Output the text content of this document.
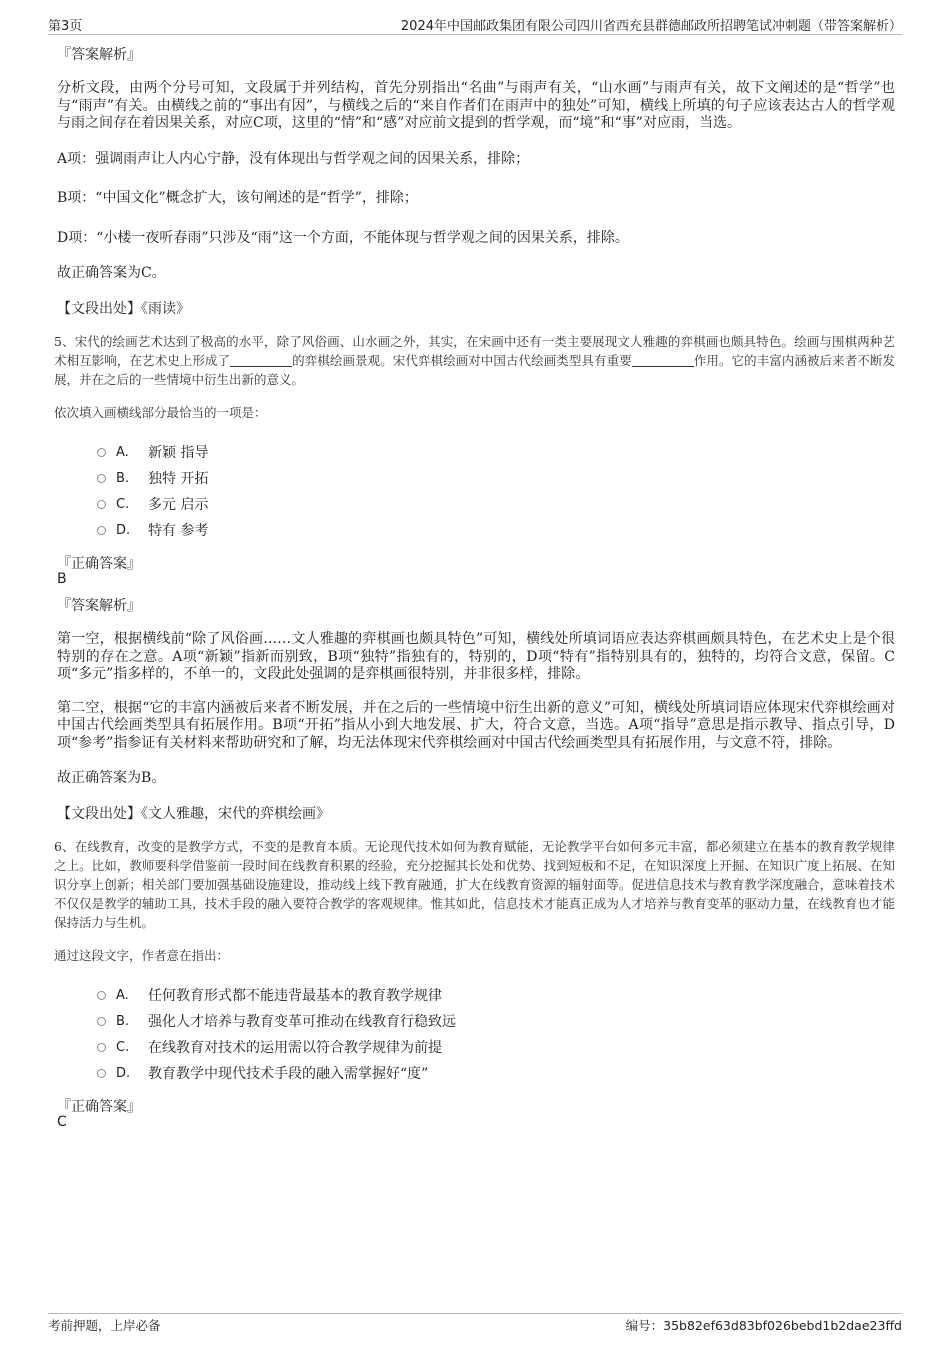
第3页	2024年中国邮政集团有限公司四川省西充县群德邮政所招聘笔试冲刺题（带答案解析）
『答案解析』

分析文段，由两个分号可知，文段属于并列结构，首先分别指出“名曲”与雨声有关，“山水画”与雨声有关，故下文阐述的是“哲学”也与“雨声”有关。由横线之前的“事出有因”，与横线之后的“来自作者们在雨声中的独处”可知，横线上所填的句子应该表达古人的哲学观与雨之间存在着因果关系，对应C项，这里的“情”和“感”对应前文提到的哲学观，而“境”和“事”对应雨，当选。

A项：强调雨声让人内心宁静，没有体现出与哲学观之间的因果关系，排除；

B项：“中国文化”概念扩大，该句阐述的是“哲学”，排除；

D项：“小楼一夜听春雨”只涉及“雨”这一个方面，不能体现与哲学观之间的因果关系，排除。

故正确答案为C。

【文段出处】《雨读》

5、宋代的绘画艺术达到了极高的水平，除了风俗画、山水画之外，其实，在宋画中还有一类主要展现文人雅趣的弈棋画也颇具特色。绘画与围棋两种艺术相互影响，在艺术史上形成了	的弈棋绘画景观。宋代弈棋绘画对中国古代绘画类型具有重要	作用。它的丰富内涵被后来者不断发展，并在之后的一些情境中衍生出新的意义。

依次填入画横线部分最恰当的一项是：

A.	新颖 指导
B.	独特 开拓
C.	多元 启示
D.	特有 参考
『正确答案』
B
『答案解析』

第一空，根据横线前“除了风俗画……文人雅趣的弈棋画也颇具特色”可知，横线处所填词语应表达弈棋画颇具特色，在艺术史上是个很特别的存在之意。A项“新颖”指新而别致，B项“独特”指独有的，特别的，D项“特有”指特别具有的，独特的，均符合文意，保留。C项“多元”指多样的，不单一的，文段此处强调的是弈棋画很特别，并非很多样，排除。

第二空，根据“它的丰富内涵被后来者不断发展，并在之后的一些情境中衍生出新的意义”可知，横线处所填词语应体现宋代弈棋绘画对中国古代绘画类型具有拓展作用。B项“开拓”指从小到大地发展、扩大，符合文意，当选。A项“指导”意思是指示教导、指点引导，D项“参考”指参证有关材料来帮助研究和了解，均无法体现宋代弈棋绘画对中国古代绘画类型具有拓展作用，与文意不符，排除。

故正确答案为B。

【文段出处】《文人雅趣，宋代的弈棋绘画》

6、在线教育，改变的是教学方式，不变的是教育本质。无论现代技术如何为教育赋能，无论教学平台如何多元丰富，都必须建立在基本的教育教学规律之上。比如，教师要科学借鉴前一段时间在线教育积累的经验，充分挖掘其长处和优势、找到短板和不足，在知识深度上开掘、在知识广度上拓展、在知识分享上创新；相关部门要加强基础设施建设，推动线上线下教育融通，扩大在线教育资源的辐射面等。促进信息技术与教育教学深度融合，意味着技术不仅仅是教学的辅助工具，技术手段的融入要符合教学的客观规律。惟其如此，信息技术才能真正成为人才培养与教育变革的驱动力量，在线教育也才能保持活力与生机。

通过这段文字，作者意在指出：

A.	任何教育形式都不能违背最基本的教育教学规律
B.	强化人才培养与教育变革可推动在线教育行稳致远
C.	在线教育对技术的运用需以符合教学规律为前提
D.	教育教学中现代技术手段的融入需掌握好“度”
『正确答案』
C
考前押题，上岸必备	编号：35b82ef63d83bf026bebd1b2dae23ffd
